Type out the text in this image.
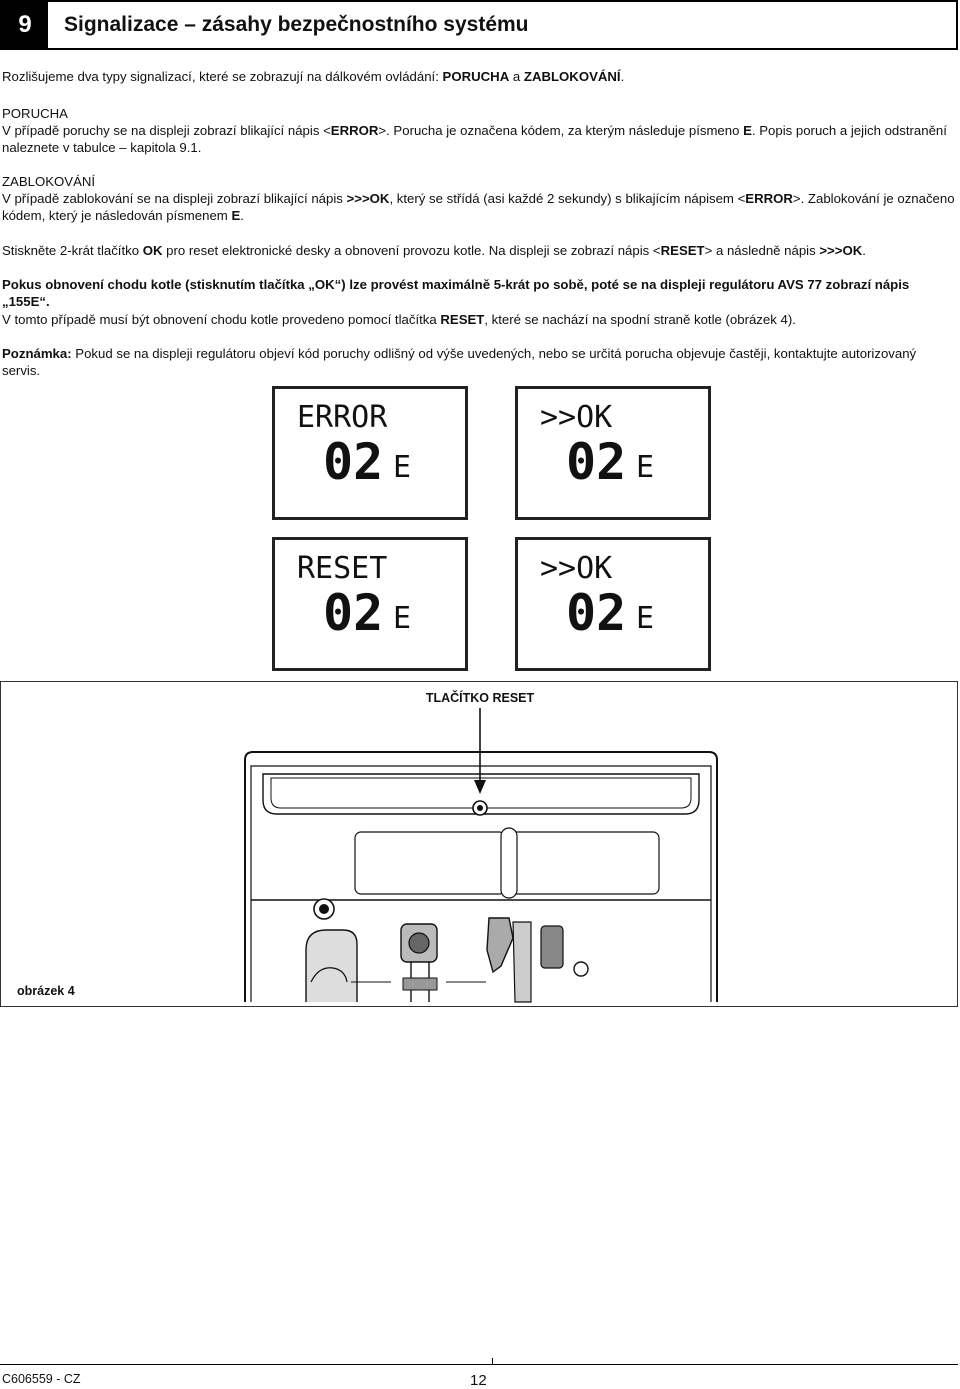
9	Signalizace – zásahy bezpečnostního systému

Rozlišujeme dva typy signalizací, které se zobrazují na dálkovém ovládání: PORUCHA a ZABLOKOVÁNÍ.

PORUCHA

V případě poruchy se na displeji zobrazí blikající nápis <ERROR>. Porucha je označena kódem, za kterým následuje písmeno E. Popis poruch a jejich odstranění naleznete v tabulce – kapitola 9.1.

ZABLOKOVÁNÍ

V případě zablokování se na displeji zobrazí blikající nápis >>>OK, který se střídá (asi každé 2 sekundy) s blikajícím nápisem <ERROR>. Zablokování je označeno kódem, který je následován písmenem E.

Stiskněte 2-krát tlačítko OK pro reset elektronické desky a obnovení provozu kotle. Na displeji se zobrazí nápis <RESET> a následně nápis >>>OK.

Pokus obnovení chodu kotle (stisknutím tlačítka „OK“) lze provést maximálně 5-krát po sobě, poté se na displeji regulátoru AVS 77 zobrazí nápis „155E“.

V tomto případě musí být obnovení chodu kotle provedeno pomocí tlačítka RESET, které se nachází na spodní straně kotle (obrázek 4).

Poznámka: Pokud se na displeji regulátoru objeví kód poruchy odlišný od výše uvedených, nebo se určitá porucha objevuje častěji, kontaktujte autorizovaný servis.

ERROR
02 E
>>OK
02 E
RESET
02 E
>>OK
02 E
TLAČÍTKO RESET
obrázek 4
C606559 - CZ	12
